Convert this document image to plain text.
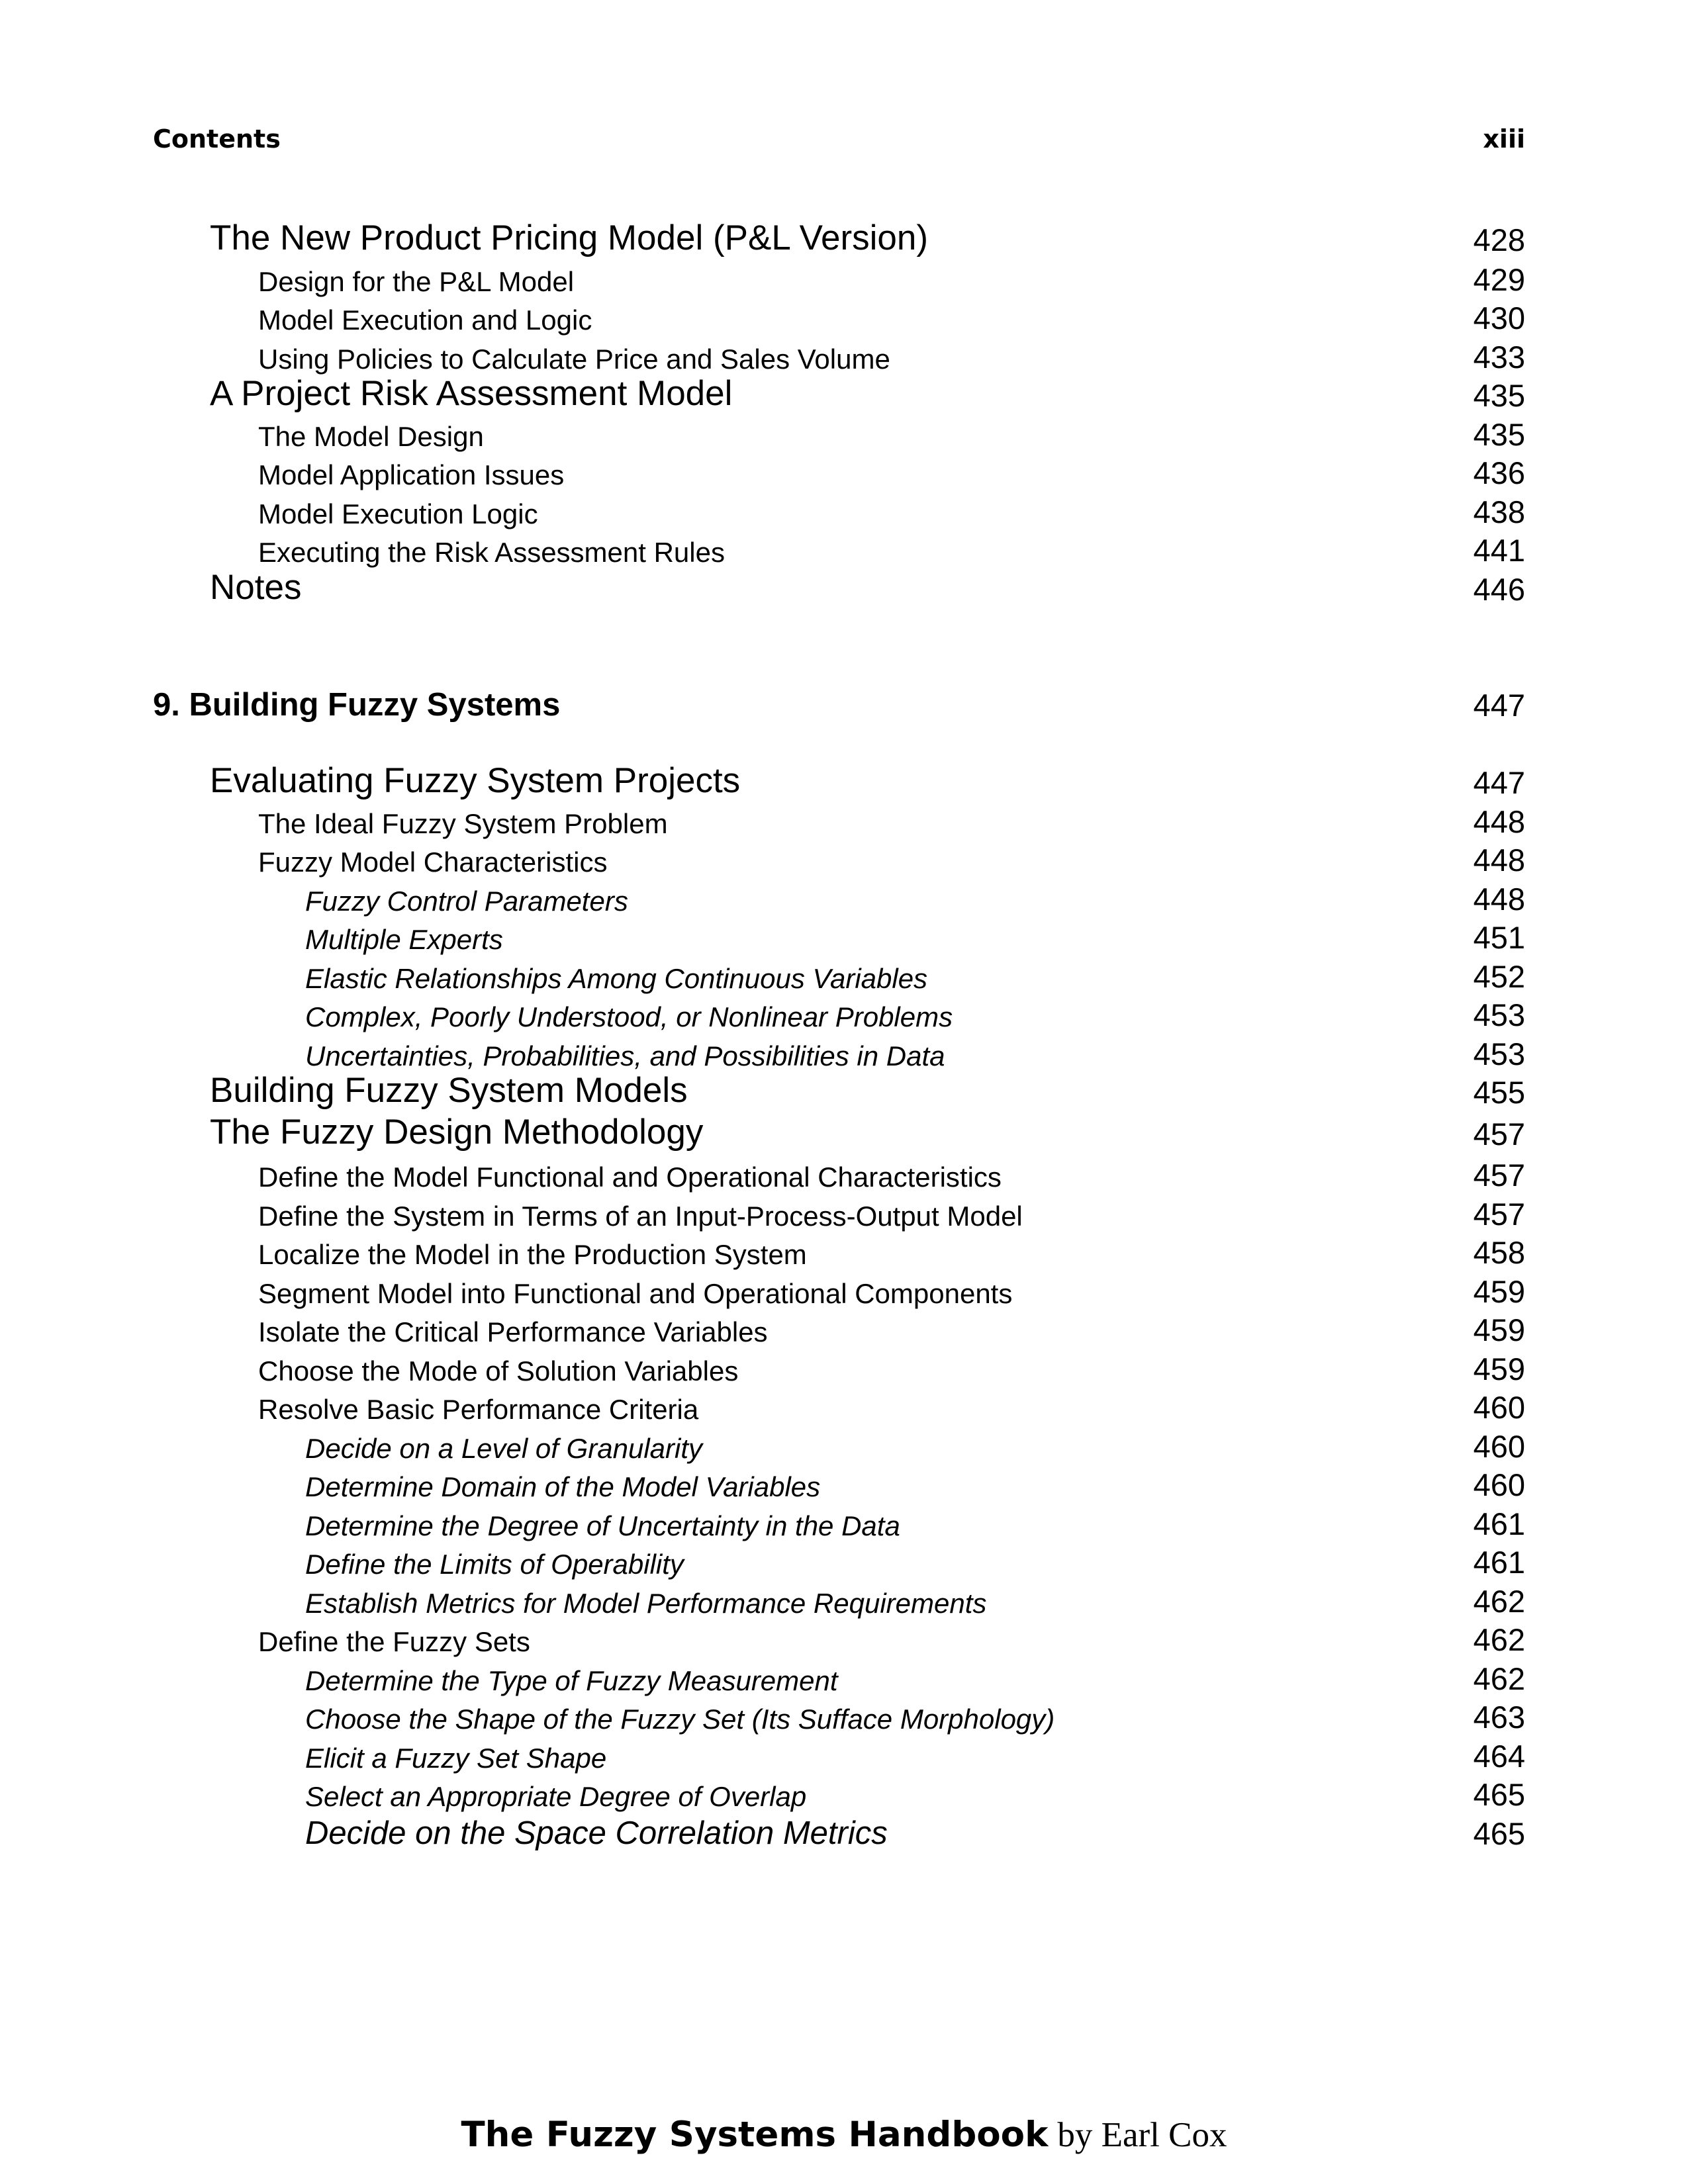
Contents	xiii
The New Product Pricing Model (P&L Version)	428
Design for the P&L Model	429
Model Execution and Logic	430
Using Policies to Calculate Price and Sales Volume	433
A Project Risk Assessment Model	435
The Model Design	435
Model Application Issues	436
Model Execution Logic	438
Executing the Risk Assessment Rules	441
Notes	446
9. Building Fuzzy Systems	447
Evaluating Fuzzy System Projects	447
The Ideal Fuzzy System Problem	448
Fuzzy Model Characteristics	448
Fuzzy Control Parameters	448
Multiple Experts	451
Elastic Relationships Among Continuous Variables	452
Complex, Poorly Understood, or Nonlinear Problems	453
Uncertainties, Probabilities, and Possibilities in Data	453
Building Fuzzy System Models	455
The Fuzzy Design Methodology	457
Define the Model Functional and Operational Characteristics	457
Define the System in Terms of an Input-Process-Output Model	457
Localize the Model in the Production System	458
Segment Model into Functional and Operational Components	459
Isolate the Critical Performance Variables	459
Choose the Mode of Solution Variables	459
Resolve Basic Performance Criteria	460
Decide on a Level of Granularity	460
Determine Domain of the Model Variables	460
Determine the Degree of Uncertainty in the Data	461
Define the Limits of Operability	461
Establish Metrics for Model Performance Requirements	462
Define the Fuzzy Sets	462
Determine the Type of Fuzzy Measurement	462
Choose the Shape of the Fuzzy Set (Its Sufface Morphology)	463
Elicit a Fuzzy Set Shape	464
Select an Appropriate Degree of Overlap	465
Decide on the Space Correlation Metrics	465
The Fuzzy Systems Handbook by Earl Cox
